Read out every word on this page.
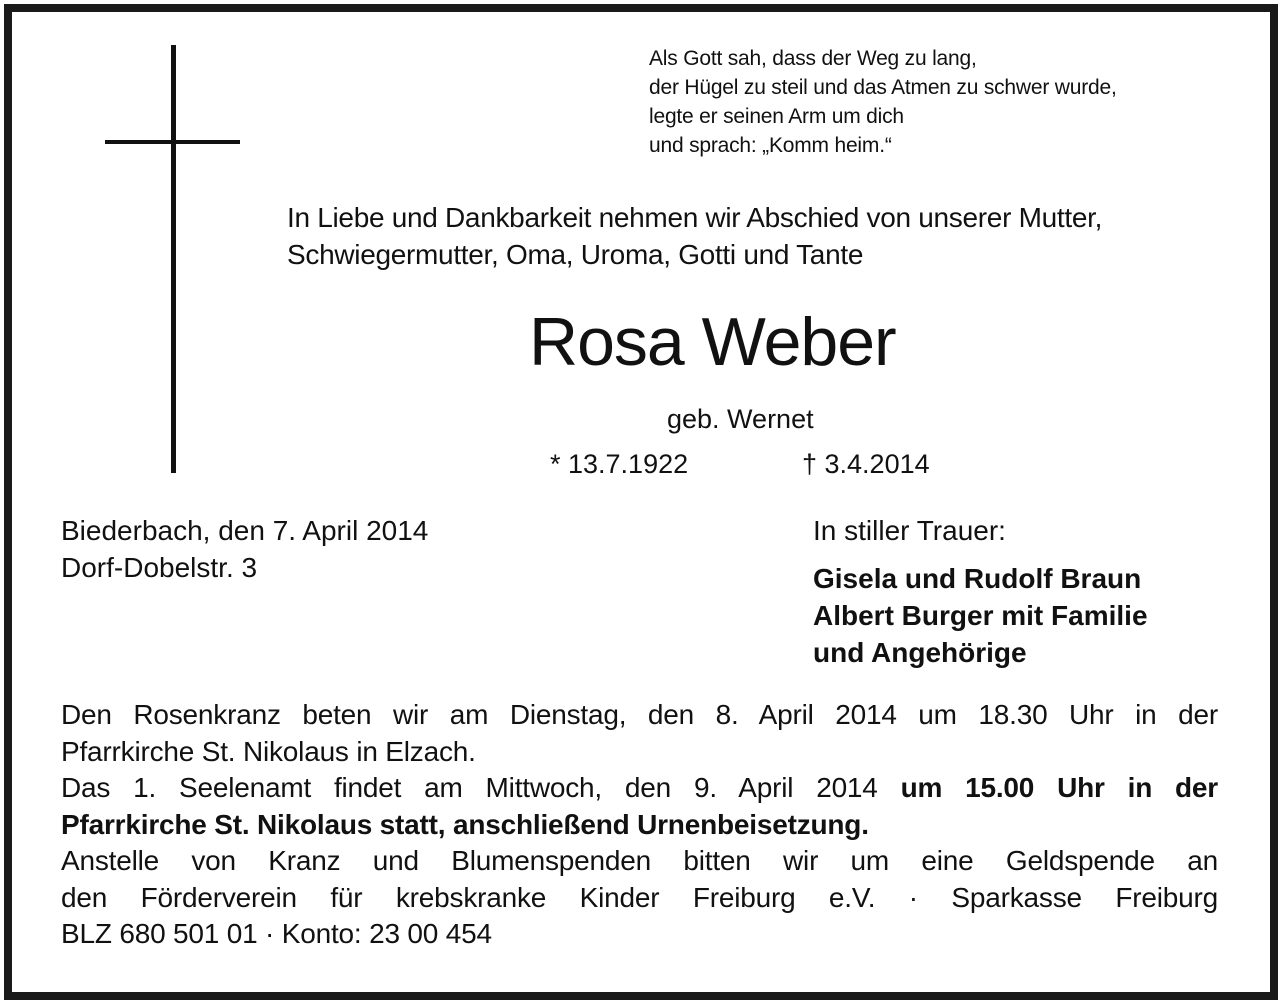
Als Gott sah, dass der Weg zu lang,
der Hügel zu steil und das Atmen zu schwer wurde,
legte er seinen Arm um dich
und sprach: „Komm heim.“
In Liebe und Dankbarkeit nehmen wir Abschied von unserer Mutter,
Schwiegermutter, Oma, Uroma, Gotti und Tante
Rosa Weber
geb. Wernet
* 13.7.1922	† 3.4.2014
Biederbach, den 7. April 2014
Dorf-Dobelstr. 3
In stiller Trauer:
Gisela und Rudolf Braun
Albert Burger mit Familie
und Angehörige
Den Rosenkranz beten wir am Dienstag, den 8. April 2014 um 18.30 Uhr in der
Pfarrkirche St. Nikolaus in Elzach.
Das 1. Seelenamt findet am Mittwoch, den 9. April 2014 um 15.00 Uhr in der
Pfarrkirche St. Nikolaus statt, anschließend Urnenbeisetzung.
Anstelle von Kranz und Blumenspenden bitten wir um eine Geldspende an
den Förderverein für krebskranke Kinder Freiburg e.V. · Sparkasse Freiburg
BLZ 680 501 01 · Konto: 23 00 454
